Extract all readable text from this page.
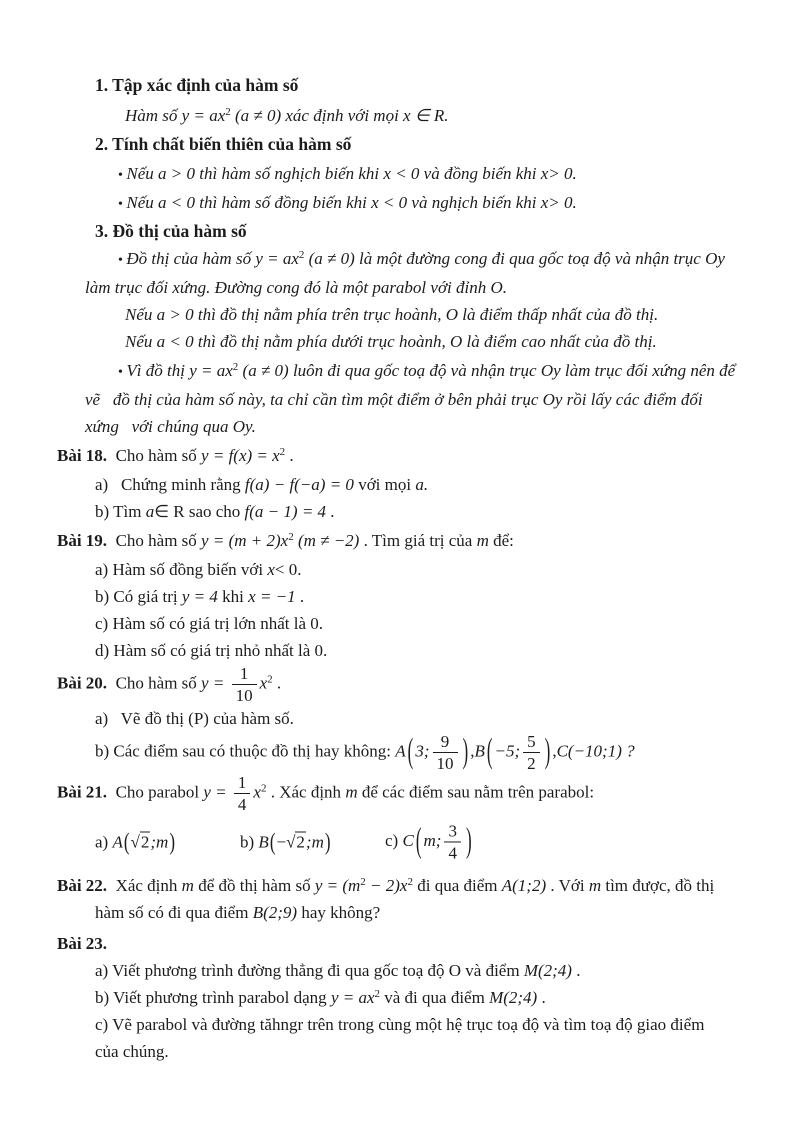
1. Tập xác định của hàm số
Hàm số $y = ax^2$ (a ≠ 0) xác định với mọi x ∈ R.
2. Tính chất biến thiên của hàm số
• Nếu a > 0 thì hàm số nghịch biến khi x < 0 và đồng biến khi x> 0.
• Nếu a < 0 thì hàm số đồng biến khi x < 0 và nghịch biến khi x> 0.
3. Đồ thị của hàm số
• Đồ thị của hàm số $y = ax^2$ (a ≠ 0) là một đường cong đi qua gốc toạ độ và nhận trục Oy
làm trục đối xứng. Đường cong đó là một parabol với đỉnh O.
Nếu a > 0 thì đồ thị nằm phía trên trục hoành, O là điểm thấp nhất của đồ thị.
Nếu a < 0 thì đồ thị nằm phía dưới trục hoành, O là điểm cao nhất của đồ thị.
• Vì đồ thị $y = ax^2$ (a ≠ 0) luôn đi qua gốc toạ độ và nhận trục Oy làm trục đối xứng nên để
vẽ   đồ thị của hàm số này, ta chỉ cần tìm một điểm ở bên phải trục Oy rồi lấy các điểm đối
xứng   với chúng qua Oy.
Bài 18.  Cho hàm số $y = f(x) = x^2$ .
a)   Chứng minh rằng f(a) − f(−a) = 0 với mọi a.
b) Tìm a∈ R sao cho f(a − 1) = 4 .
Bài 19.  Cho hàm số $y = (m + 2)x^2$ (m ≠ −2) . Tìm giá trị của m để:
a) Hàm số đồng biến với x< 0.
b) Có giá trị y = 4 khi x = −1 .
c) Hàm số có giá trị lớn nhất là 0.
d) Hàm số có giá trị nhỏ nhất là 0.
Bài 20.  Cho hàm số $y = \frac{1}{10} x^2$ .
a)   Vẽ đồ thị (P) của hàm số.
b) Các điểm sau có thuộc đồ thị hay không: A ( 3; $\frac{9}{10}$ ) ,B ( −5; $\frac{5}{2}$ ) ,C(−10;1) ?
Bài 21.  Cho parabol $y = \frac{1}{4} x^2$ . Xác định m để các điểm sau nằm trên parabol:
a) A(√2;m)	b) B(−√2;m)	c) C ( m; $\frac{3}{4}$ )
Bài 22.  Xác định m để đồ thị hàm số $y = (m^2 - 2)x^2$ đi qua điểm A(1;2) . Với m tìm được, đồ thị
hàm số có đi qua điểm B(2;9) hay không?
Bài 23.
a) Viết phương trình đường thẳng đi qua gốc toạ độ O và điểm M(2;4) .
b) Viết phương trình parabol dạng $y = ax^2$ và đi qua điểm M(2;4) .
c) Vẽ parabol và đường tăhngr trên trong cùng một hệ trục toạ độ và tìm toạ độ giao điểm
của chúng.
